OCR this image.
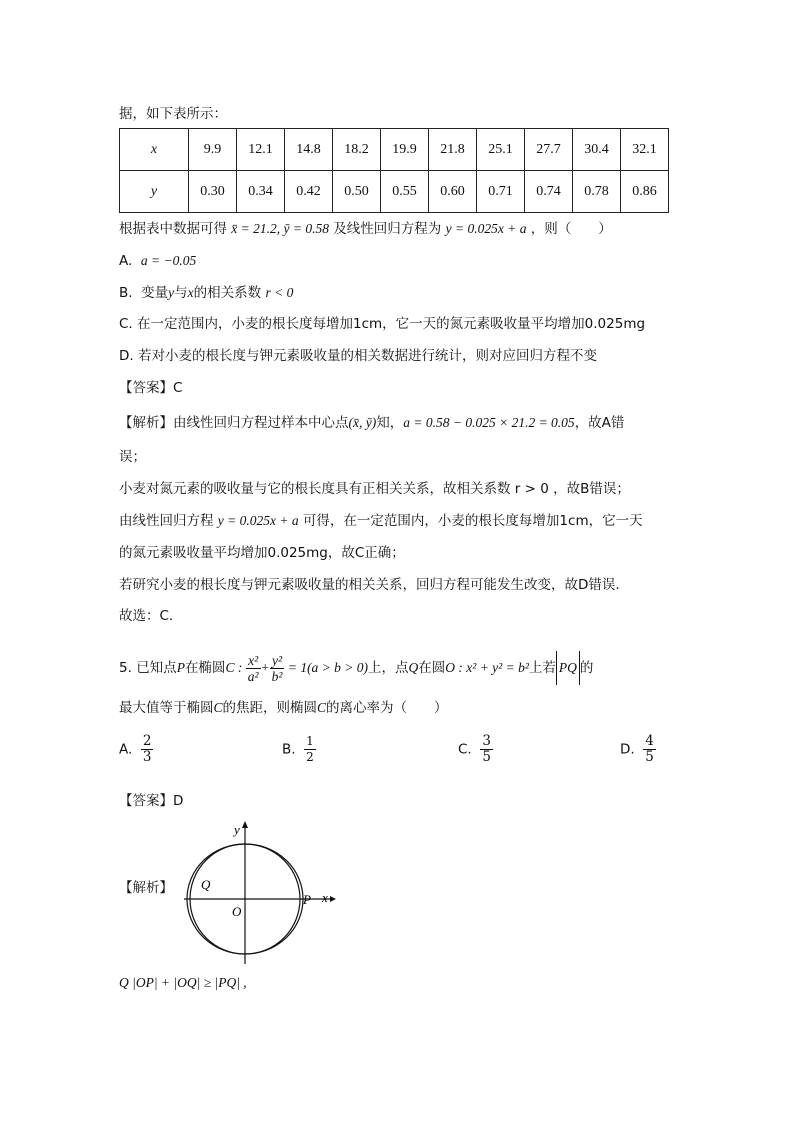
据，如下表所示：
x	9.9	12.1	14.8	18.2	19.9	21.8	25.1	27.7	30.4	32.1
y	0.30	0.34	0.42	0.50	0.55	0.60	0.71	0.74	0.78	0.86
根据表中数据可得 x̄ = 21.2, ȳ = 0.58 及线性回归方程为 y = 0.025x + a ，则（　　）
A. a = −0.05
B. 变量y与x的相关系数 r < 0
C. 在一定范围内，小麦的根长度每增加1cm，它一天的氮元素吸收量平均增加0.025mg
D. 若对小麦的根长度与钾元素吸收量的相关数据进行统计，则对应回归方程不变
【答案】C
【解析】由线性回归方程过样本中心点(x̄, ȳ)知，a = 0.58 − 0.025 × 21.2 = 0.05，故A错
误；
小麦对氮元素的吸收量与它的根长度具有正相关关系，故相关系数 r > 0 ，故B错误；
由线性回归方程 y = 0.025x + a 可得，在一定范围内，小麦的根长度每增加1cm，它一天
的氮元素吸收量平均增加0.025mg，故C正确；
若研究小麦的根长度与钾元素吸收量的相关关系，回归方程可能发生改变，故D错误.
故选：C.
5. 已知点P在椭圆C : $\frac{\text{x²}}{\text{a²}} + \frac{\text{y²}}{\text{b²}} = 1(a > b > 0)$上，点Q在圆O : x² + y² = b²上若 PQ 的
最大值等于椭圆C的焦距，则椭圆C的离心率为（　　）
A. $\frac{2}{3}$	B. $\frac{1}{2}$	C. $\frac{3}{5}$	D. $\frac{4}{5}$
【答案】D
【解析】
y
x
O
Q
P
Q |OP| + |OQ| ≥ |PQ| ,
